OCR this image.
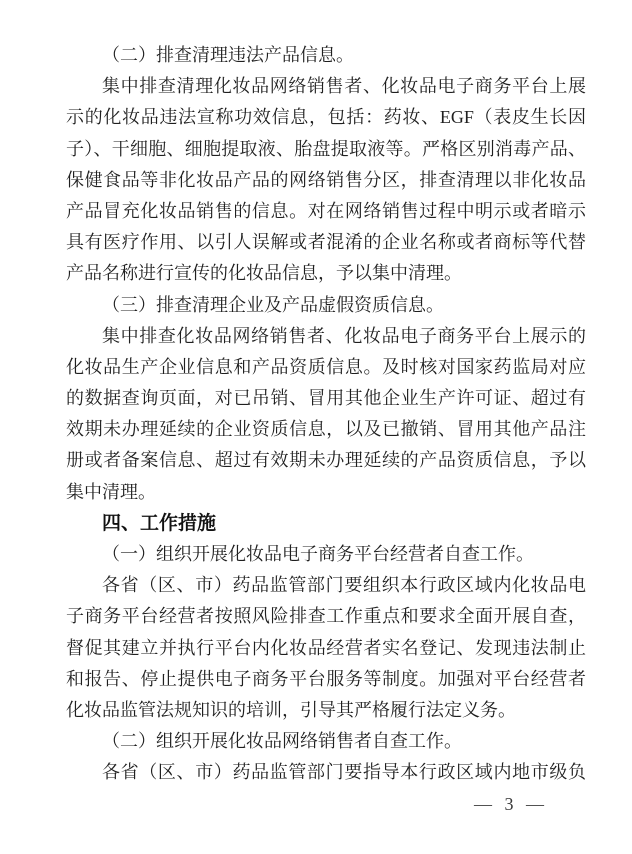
（二）排查清理违法产品信息。
集中排查清理化妆品网络销售者、化妆品电子商务平台上展
示的化妆品违法宣称功效信息，包括：药妆、EGF（表皮生长因
子）、干细胞、细胞提取液、胎盘提取液等。严格区别消毒产品、
保健食品等非化妆品产品的网络销售分区，排查清理以非化妆品
产品冒充化妆品销售的信息。对在网络销售过程中明示或者暗示
具有医疗作用、以引人误解或者混淆的企业名称或者商标等代替
产品名称进行宣传的化妆品信息，予以集中清理。
（三）排查清理企业及产品虚假资质信息。
集中排查化妆品网络销售者、化妆品电子商务平台上展示的
化妆品生产企业信息和产品资质信息。及时核对国家药监局对应
的数据查询页面，对已吊销、冒用其他企业生产许可证、超过有
效期未办理延续的企业资质信息，以及已撤销、冒用其他产品注
册或者备案信息、超过有效期未办理延续的产品资质信息，予以
集中清理。
四、工作措施
（一）组织开展化妆品电子商务平台经营者自查工作。
各省（区、市）药品监管部门要组织本行政区域内化妆品电
子商务平台经营者按照风险排查工作重点和要求全面开展自查，
督促其建立并执行平台内化妆品经营者实名登记、发现违法制止
和报告、停止提供电子商务平台服务等制度。加强对平台经营者
化妆品监管法规知识的培训，引导其严格履行法定义务。
（二）组织开展化妆品网络销售者自查工作。
各省（区、市）药品监管部门要指导本行政区域内地市级负
— 3 —
